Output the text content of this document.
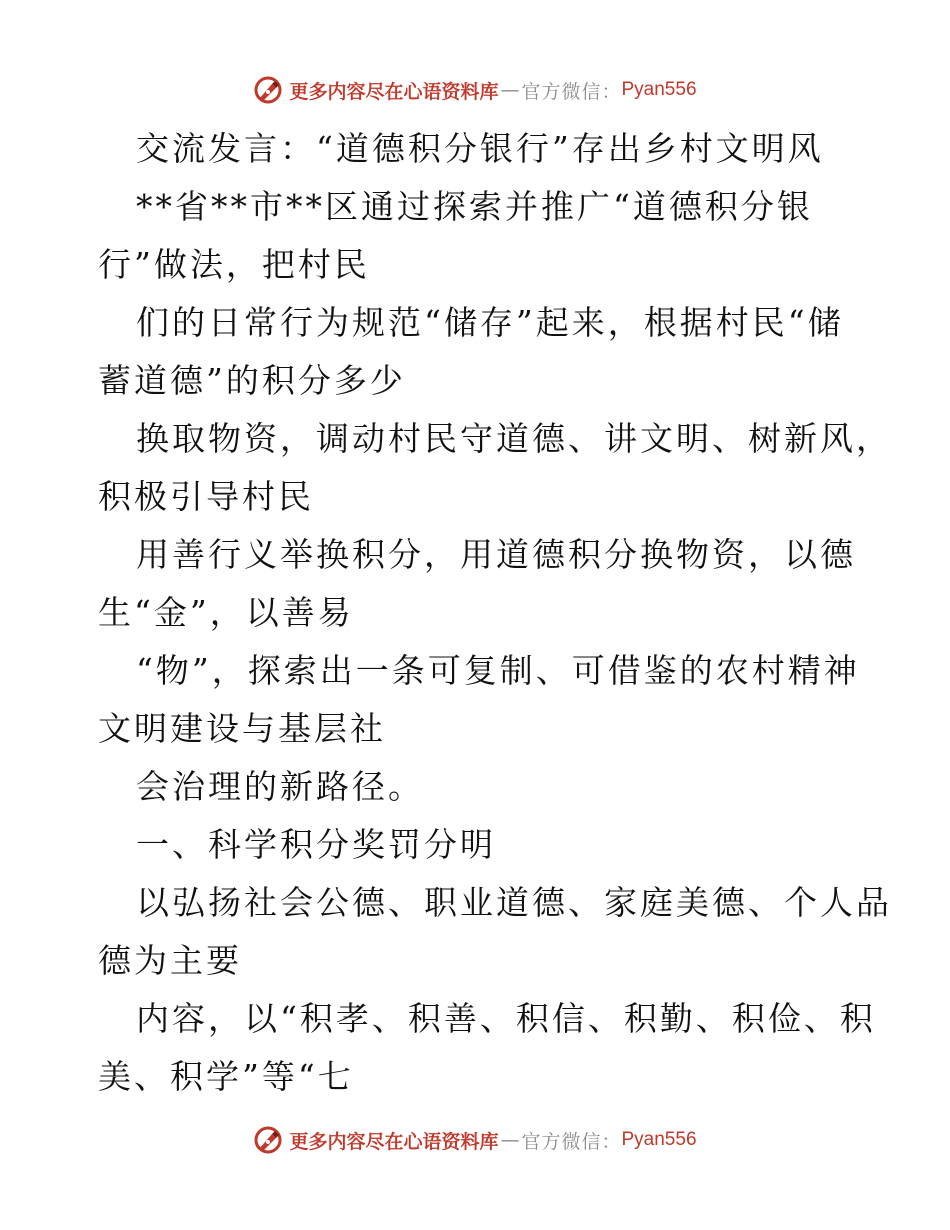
更多内容尽在心语资料库 — 官方微信： Pyan556
交流发言：“道德积分银行”存出乡村文明风
**省**市**区通过探索并推广“道德积分银
行”做法，把村民
们的日常行为规范“储存”起来，根据村民“储
蓄道德”的积分多少
换取物资，调动村民守道德、讲文明、树新风，
积极引导村民
用善行义举换积分，用道德积分换物资，以德
生“金”，以善易
“物”，探索出一条可复制、可借鉴的农村精神
文明建设与基层社
会治理的新路径。
一、科学积分奖罚分明
以弘扬社会公德、职业道德、家庭美德、个人品
德为主要
内容，以“积孝、积善、积信、积勤、积俭、积
美、积学”等“七
更多内容尽在心语资料库 — 官方微信： Pyan556
